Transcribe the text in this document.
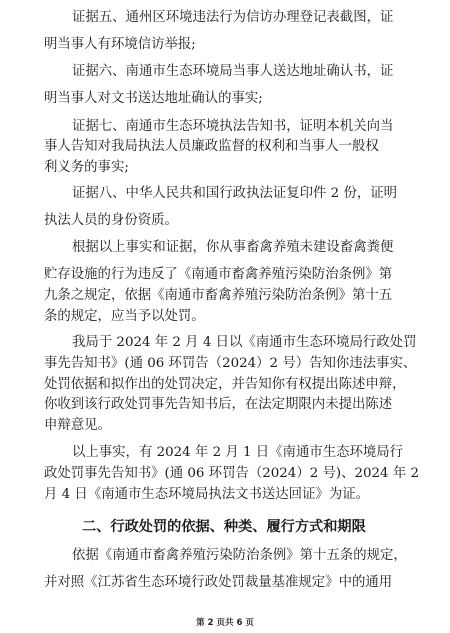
证据五、通州区环境违法行为信访办理登记表截图，证
明当事人有环境信访举报;
证据六、南通市生态环境局当事人送达地址确认书，证
明当事人对文书送达地址确认的事实;
证据七、南通市生态环境执法告知书，证明本机关向当
事人告知对我局执法人员廉政监督的权利和当事人一般权
利义务的事实;
证据八、中华人民共和国行政执法证复印件 2 份，证明
执法人员的身份资质。
根据以上事实和证据，你从事畜禽养殖未建设畜禽粪便
贮存设施的行为违反了《南通市畜禽养殖污染防治条例》第
九条之规定，依据《南通市畜禽养殖污染防治条例》第十五
条的规定，应当予以处罚。
我局于 2024 年 2 月 4 日以《南通市生态环境局行政处罚
事先告知书》(通 06 环罚告（2024）2 号）告知你违法事实、
处罚依据和拟作出的处罚决定，并告知你有权提出陈述申辩，
你收到该行政处罚事先告知书后，在法定期限内未提出陈述
申辩意见。
以上事实，有 2024 年 2 月 1 日《南通市生态环境局行
政处罚事先告知书》(通 06 环罚告（2024）2 号)、2024 年 2
月 4 日《南通市生态环境局执法文书送达回证》为证。
二、行政处罚的依据、种类、履行方式和期限
依据《南通市畜禽养殖污染防治条例》第十五条的规定，
并对照《江苏省生态环境行政处罚裁量基准规定》中的通用
第 2 页共 6 页
